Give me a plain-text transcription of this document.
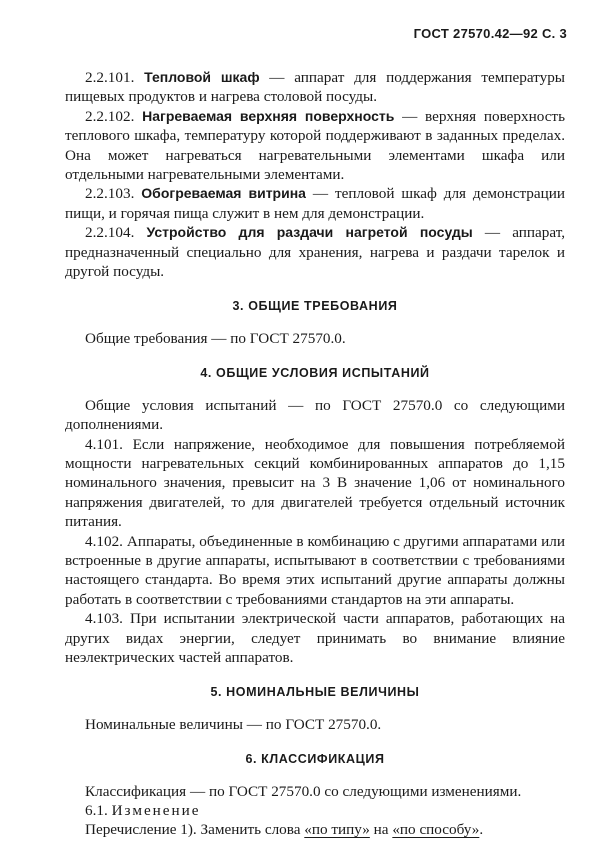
ГОСТ 27570.42—92 С. 3

2.2.101. Тепловой шкаф — аппарат для поддержания температуры пищевых продуктов и нагрева столовой посуды.

2.2.102. Нагреваемая верхняя поверхность — верхняя поверхность теплового шкафа, температуру которой поддерживают в заданных пределах. Она может нагреваться нагревательными элементами шкафа или отдельными нагревательными элементами.

2.2.103. Обогреваемая витрина — тепловой шкаф для демонстрации пищи, и горячая пища служит в нем для демонстрации.

2.2.104. Устройство для раздачи нагретой посуды — аппарат, предназначенный специально для хранения, нагрева и раздачи тарелок и другой посуды.

3. ОБЩИЕ ТРЕБОВАНИЯ

Общие требования — по ГОСТ 27570.0.

4. ОБЩИЕ УСЛОВИЯ ИСПЫТАНИЙ

Общие условия испытаний — по ГОСТ 27570.0 со следующими дополнениями.

4.101. Если напряжение, необходимое для повышения потребляемой мощности нагревательных секций комбинированных аппаратов до 1,15 номинального значения, превысит на 3 В значение 1,06 от номинального напряжения двигателей, то для двигателей требуется отдельный источник питания.

4.102. Аппараты, объединенные в комбинацию с другими аппаратами или встроенные в другие аппараты, испытывают в соответствии с требованиями настоящего стандарта. Во время этих испытаний другие аппараты должны работать в соответствии с требованиями стандартов на эти аппараты.

4.103. При испытании электрической части аппаратов, работающих на других видах энергии, следует принимать во внимание влияние неэлектрических частей аппаратов.

5. НОМИНАЛЬНЫЕ ВЕЛИЧИНЫ

Номинальные величины — по ГОСТ 27570.0.

6. КЛАССИФИКАЦИЯ

Классификация — по ГОСТ 27570.0 со следующими изменениями.

6.1. Изменение

Перечисление 1). Заменить слова «по типу» на «по способу».
